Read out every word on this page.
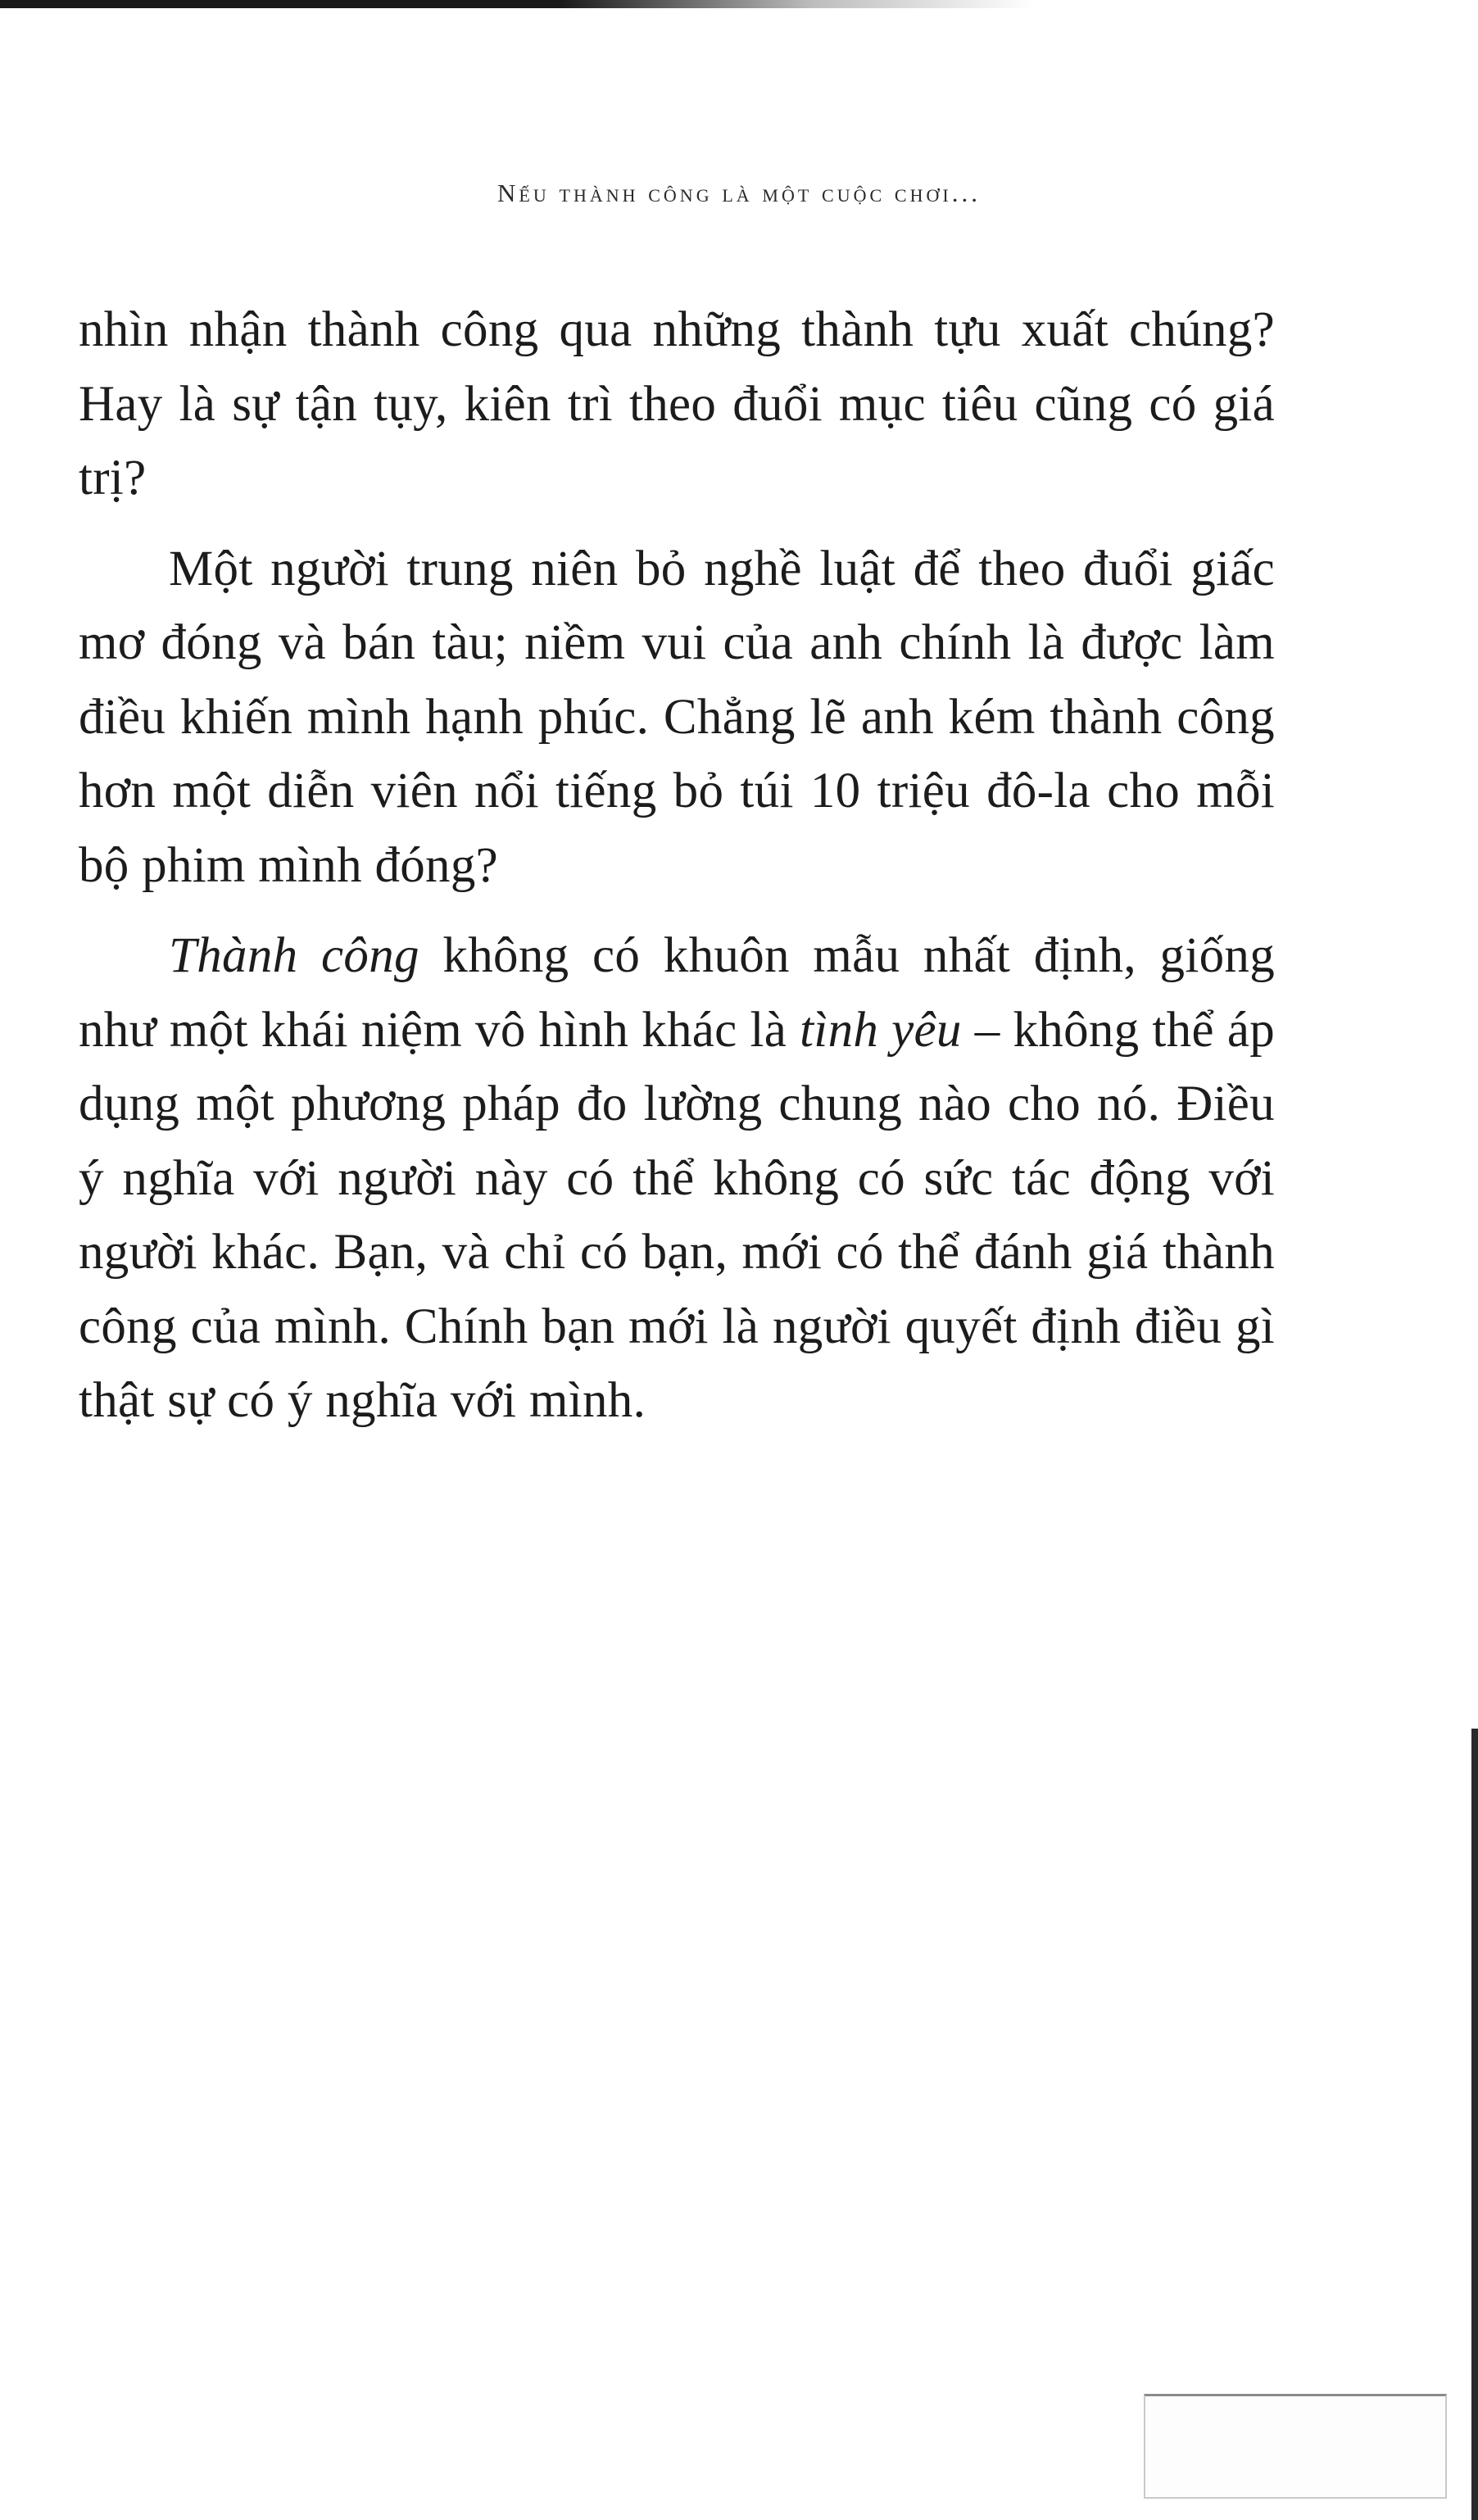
Nếu thành công là một cuộc chơi...

nhìn nhận thành công qua những thành tựu xuất chúng? Hay là sự tận tụy, kiên trì theo đuổi mục tiêu cũng có giá trị?

Một người trung niên bỏ nghề luật để theo đuổi giấc mơ đóng và bán tàu; niềm vui của anh chính là được làm điều khiến mình hạnh phúc. Chẳng lẽ anh kém thành công hơn một diễn viên nổi tiếng bỏ túi 10 triệu đô-la cho mỗi bộ phim mình đóng?

Thành công không có khuôn mẫu nhất định, giống như một khái niệm vô hình khác là tình yêu – không thể áp dụng một phương pháp đo lường chung nào cho nó. Điều ý nghĩa với người này có thể không có sức tác động với người khác. Bạn, và chỉ có bạn, mới có thể đánh giá thành công của mình. Chính bạn mới là người quyết định điều gì thật sự có ý nghĩa với mình.
